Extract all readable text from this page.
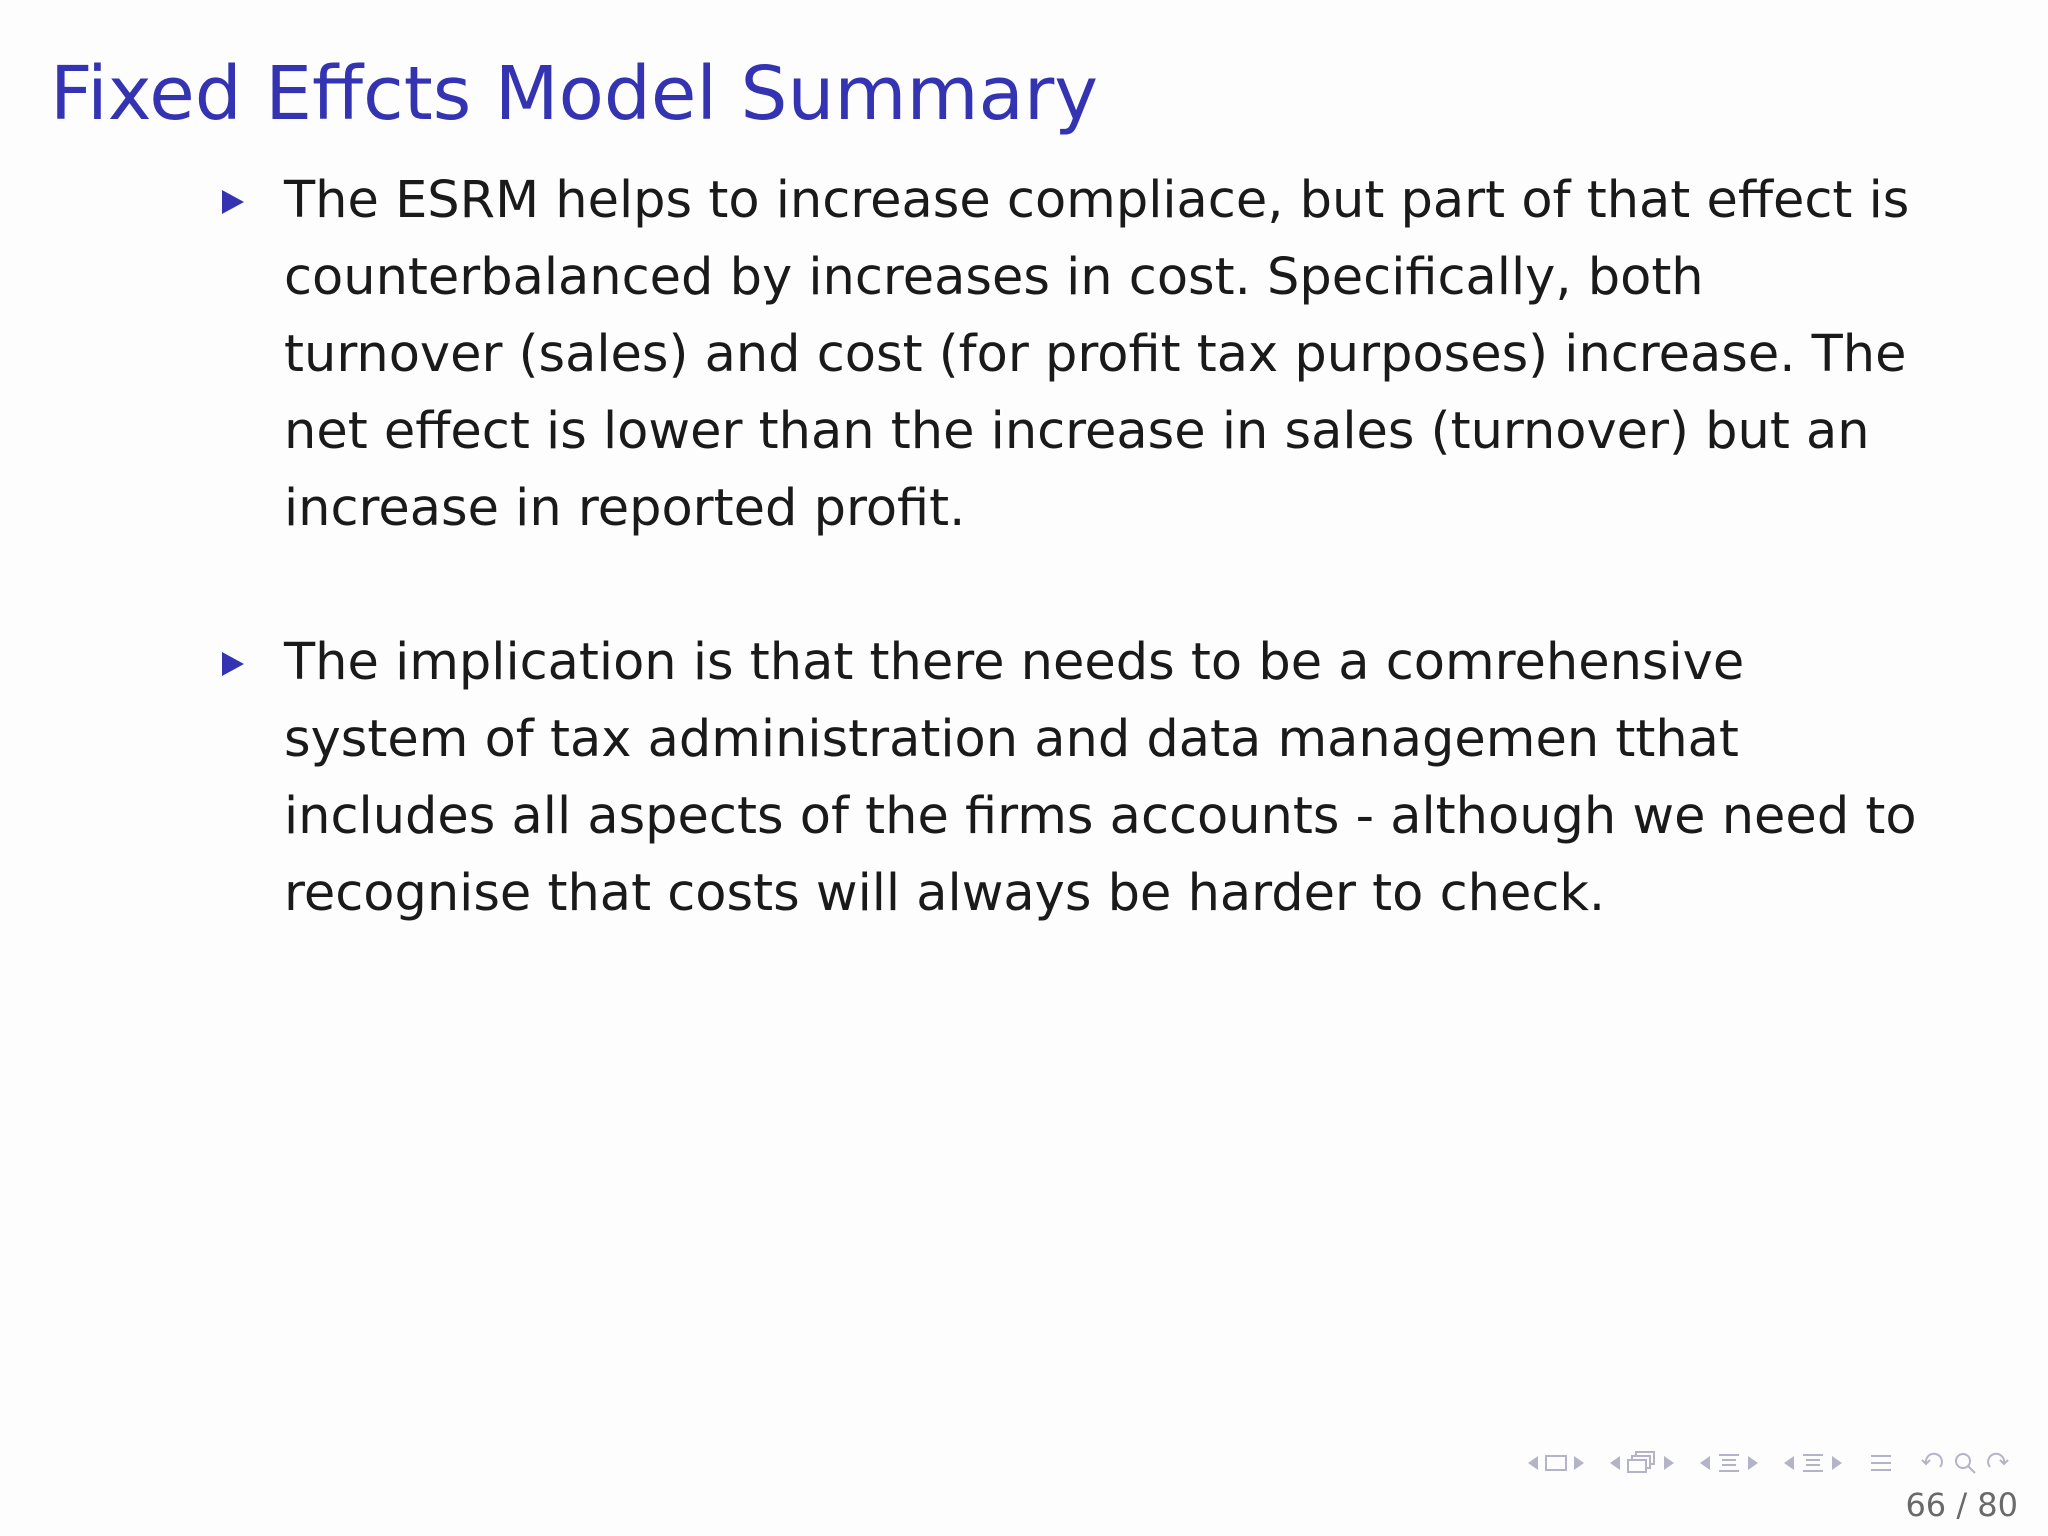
Fixed Effcts Model Summary
The ESRM helps to increase compliace, but part of that effect is counterbalanced by increases in cost. Specifically, both turnover (sales) and cost (for profit tax purposes) increase. The net effect is lower than the increase in sales (turnover) but an increase in reported profit.
The implication is that there needs to be a comrehensive system of tax administration and data managemen tthat includes all aspects of the firms accounts - although we need to recognise that costs will always be harder to check.
66 / 80
